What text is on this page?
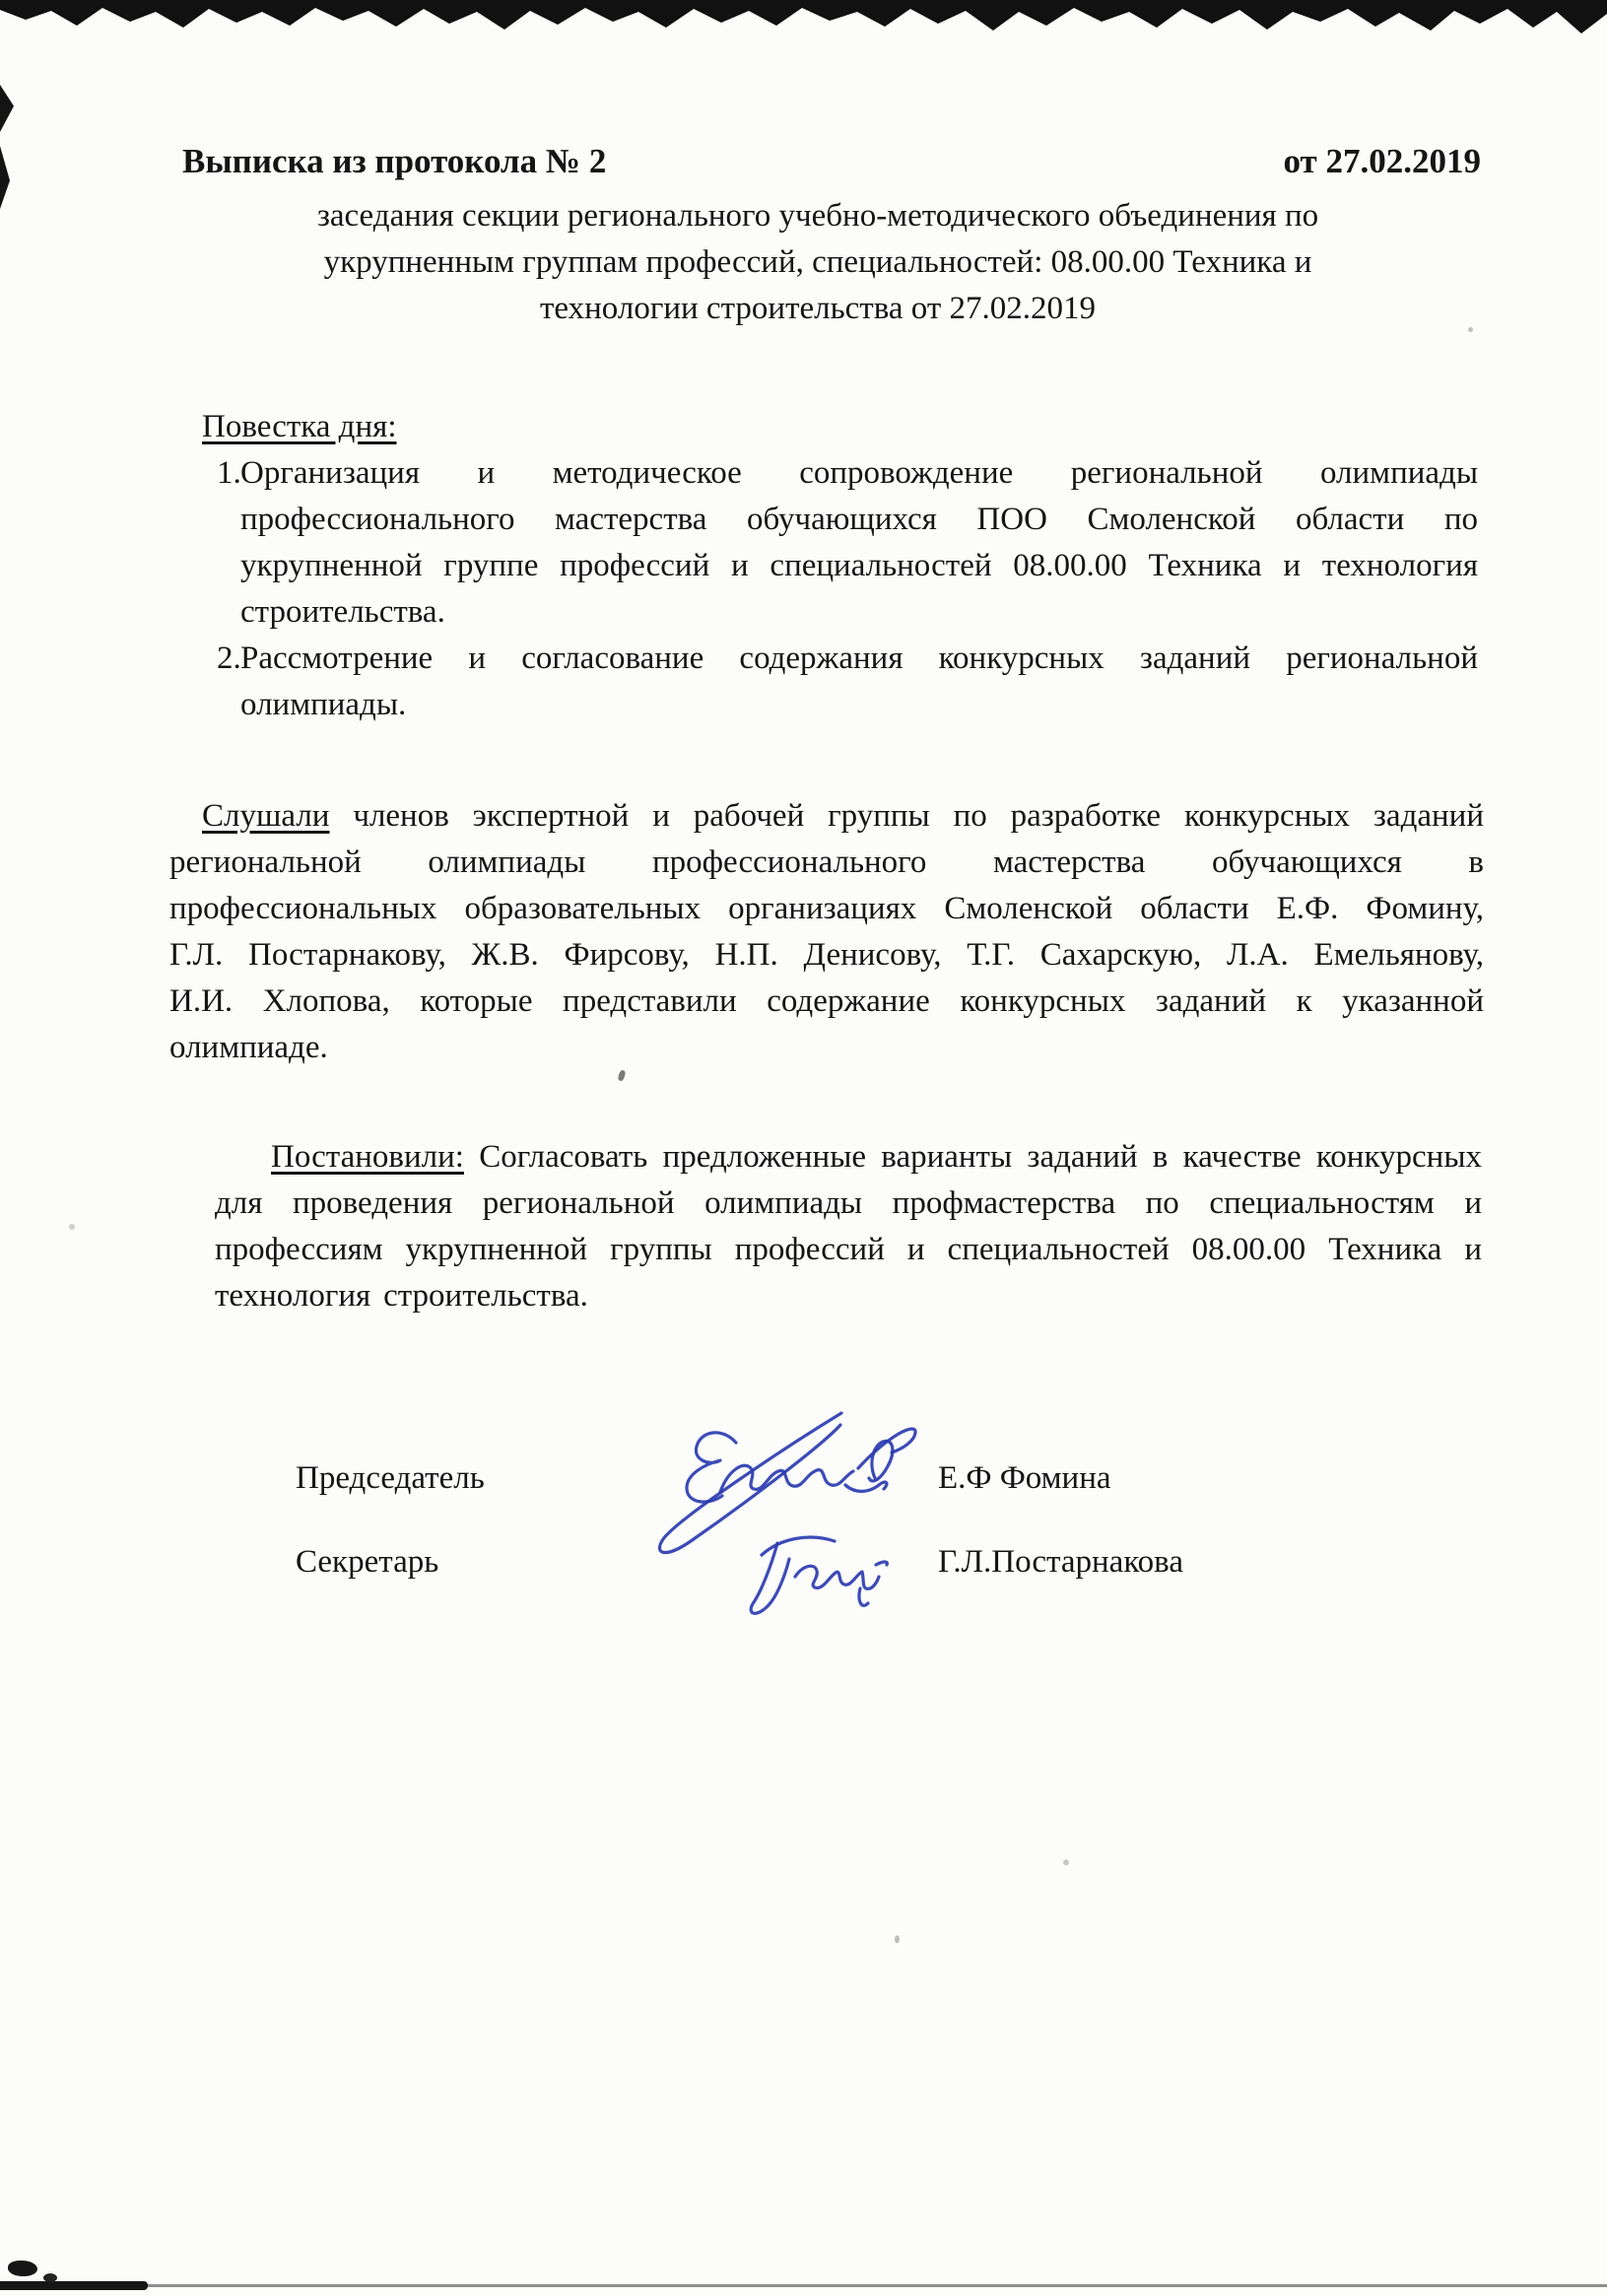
Выписка из протокола № 2	от 27.02.2019
заседания секции регионального учебно-методического объединения по
укрупненным группам профессий, специальностей: 08.00.00 Техника и
технологии строительства от 27.02.2019
Повестка дня:
1.Организация и методическое сопровождение региональной олимпиады профессионального мастерства обучающихся ПОО Смоленской области по укрупненной группе профессий и специальностей 08.00.00 Техника и технология строительства.
2.Рассмотрение и согласование содержания конкурсных заданий региональной олимпиады.

Слушали членов экспертной и рабочей группы по разработке конкурсных заданий региональной олимпиады профессионального мастерства обучающихся в профессиональных образовательных организациях Смоленской области Е.Ф. Фомину, Г.Л. Постарнакову, Ж.В. Фирсову, Н.П. Денисову, Т.Г. Сахарскую, Л.А. Емельянову, И.И. Хлопова, которые представили содержание конкурсных заданий к указанной олимпиаде.

Постановили: Согласовать предложенные варианты заданий в качестве конкурсных для проведения региональной олимпиады профмастерства по специальностям и профессиям укрупненной группы профессий и специальностей 08.00.00 Техника и технология строительства.

Председатель	Е.Ф Фомина
Секретарь	Г.Л.Постарнакова
